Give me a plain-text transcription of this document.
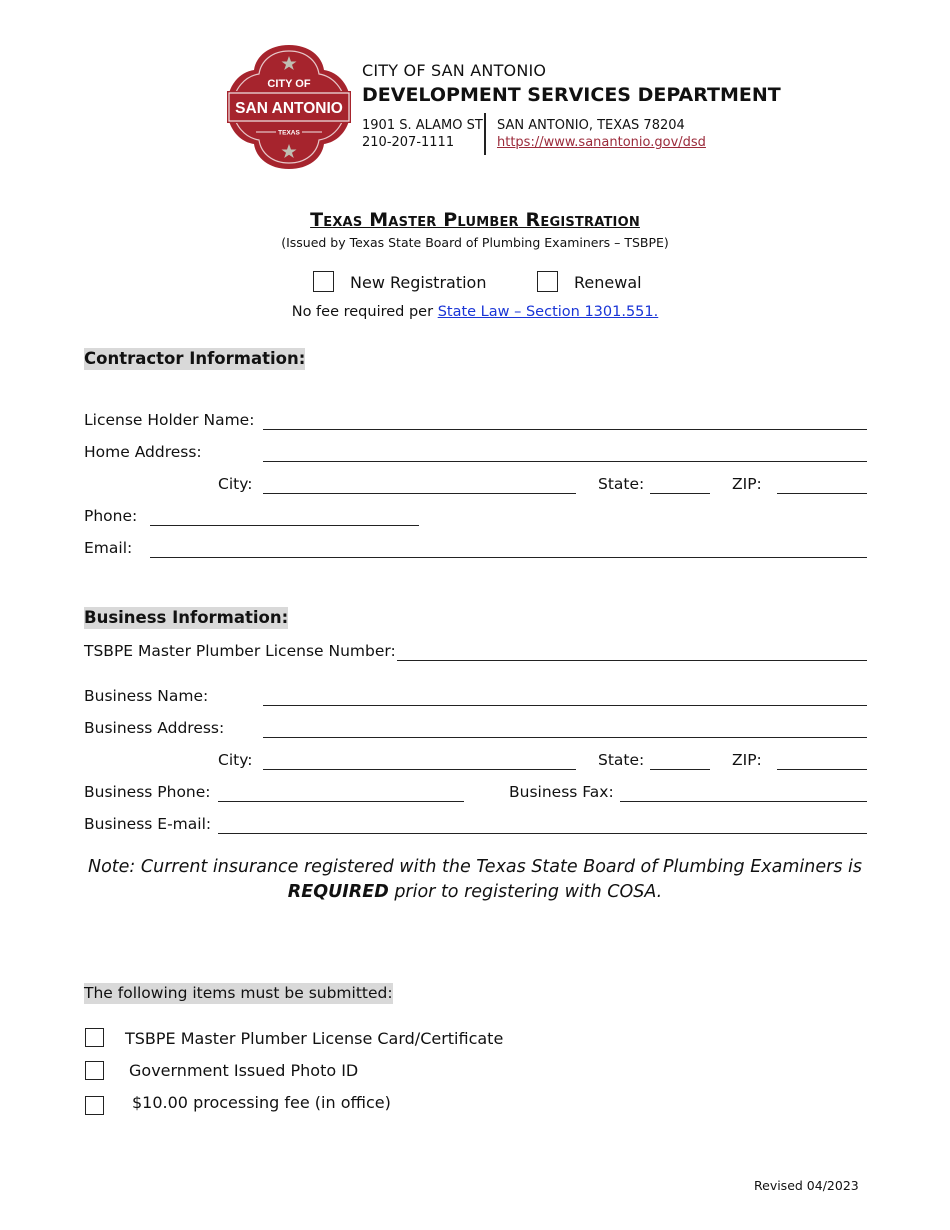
CITY OF
SAN ANTONIO
TEXAS
CITY OF SAN ANTONIO
DEVELOPMENT SERVICES DEPARTMENT
1901 S. ALAMO ST
210-207-1111
SAN ANTONIO, TEXAS 78204
https://www.sanantonio.gov/dsd
Texas Master Plumber Registration
(Issued by Texas State Board of Plumbing Examiners – TSBPE)
New Registration	Renewal
No fee required per State Law – Section 1301.551.
Contractor Information:
License Holder Name:
Home Address:
City:	State:	ZIP:
Phone:
Email:
Business Information:
TSBPE Master Plumber License Number:
Business Name:
Business Address:
City:	State:	ZIP:
Business Phone:	Business Fax:
Business E-mail:
Note: Current insurance registered with the Texas State Board of Plumbing Examiners is
REQUIRED prior to registering with COSA.
The following items must be submitted:
TSBPE Master Plumber License Card/Certificate
Government Issued Photo ID
$10.00 processing fee (in office)
Revised 04/2023
